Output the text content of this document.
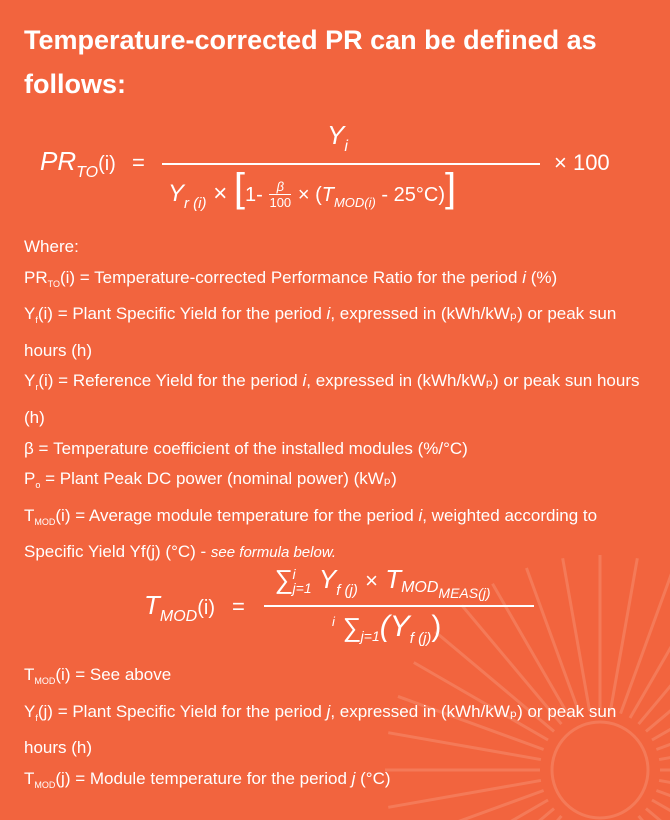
Temperature-corrected PR can be defined as follows:
$PR_{TO}(i)$ =
$Y_i$
$Y_{r (i)} \times [1- \frac{\beta}{100} \times (T_{MOD(i)} - 25^\circ C)]$
× 100

Where:

$PR_{TO}(i)$ = Temperature-corrected Performance Ratio for the period i (%)

$Y_f(i)$ = Plant Specific Yield for the period i, expressed in (kWh/kWₚ) or peak sun hours (h)

$Y_r(i)$ = Reference Yield for the period i, expressed in (kWh/kWₚ) or peak sun hours (h)

β = Temperature coefficient of the installed modules (%/°C)

$P_o$ = Plant Peak DC power (nominal power) (kWₚ)

$T_{MOD}(i)$ = Average module temperature for the period i, weighted according to Specific Yield Yf(j) (°C) - see formula below.

$T_{MOD}(i)$ =
∑ i
j=1 $Y_{f (j)}$ × $TMOD_{MEAS(j)}$
$^i$ $\sum j=1(Y_{f (j)})$

$T_{MOD}(i)$ = See above

$Y_f(j)$ = Plant Specific Yield for the period j, expressed in (kWh/kWₚ) or peak sun hours (h)

$T_{MOD}(j)$ = Module temperature for the period j (°C)
